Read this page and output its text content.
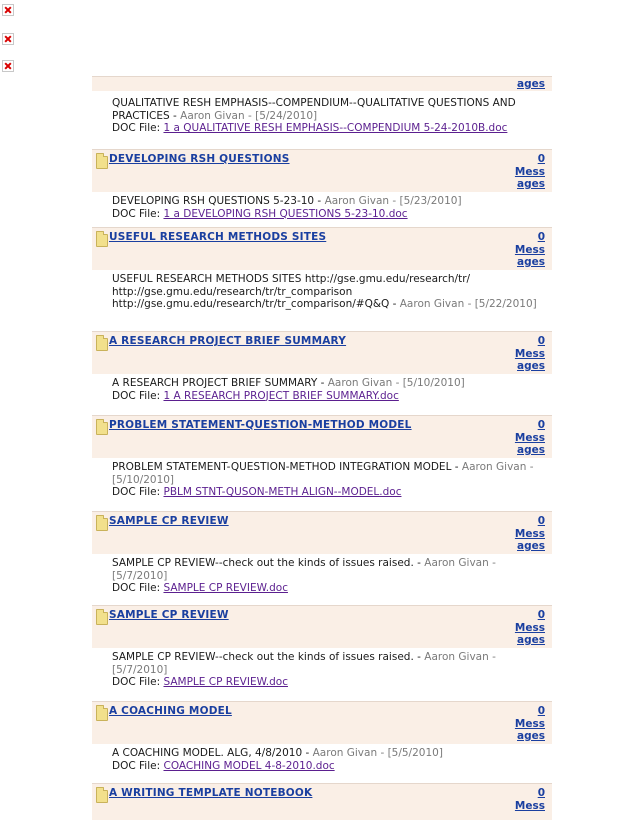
ages
QUALITATIVE RESH EMPHASIS--COMPENDIUM--QUALITATIVE QUESTIONS AND PRACTICES - Aaron Givan - [5/24/2010]
DOC File: 1 a QUALITATIVE RESH EMPHASIS--COMPENDIUM 5-24-2010B.doc
DEVELOPING RSH QUESTIONS	0
Mess
ages
DEVELOPING RSH QUESTIONS 5-23-10 - Aaron Givan - [5/23/2010]
DOC File: 1 a DEVELOPING RSH QUESTIONS 5-23-10.doc
USEFUL RESEARCH METHODS SITES	0
Mess
ages
USEFUL RESEARCH METHODS SITES http://gse.gmu.edu/research/tr/ http://gse.gmu.edu/research/tr/tr_comparison http://gse.gmu.edu/research/tr/tr_comparison/#Q&Q - Aaron Givan - [5/22/2010]
A RESEARCH PROJECT BRIEF SUMMARY	0
Mess
ages
A RESEARCH PROJECT BRIEF SUMMARY - Aaron Givan - [5/10/2010]
DOC File: 1 A RESEARCH PROJECT BRIEF SUMMARY.doc
PROBLEM STATEMENT-QUESTION-METHOD MODEL	0
Mess
ages
PROBLEM STATEMENT-QUESTION-METHOD INTEGRATION MODEL - Aaron Givan - [5/10/2010]
DOC File: PBLM STNT-QUSON-METH ALIGN--MODEL.doc
SAMPLE CP REVIEW	0
Mess
ages
SAMPLE CP REVIEW--check out the kinds of issues raised. - Aaron Givan - [5/7/2010]
DOC File: SAMPLE CP REVIEW.doc
SAMPLE CP REVIEW	0
Mess
ages
SAMPLE CP REVIEW--check out the kinds of issues raised. - Aaron Givan - [5/7/2010]
DOC File: SAMPLE CP REVIEW.doc
A COACHING MODEL	0
Mess
ages
A COACHING MODEL. ALG, 4/8/2010 - Aaron Givan - [5/5/2010]
DOC File: COACHING MODEL 4-8-2010.doc
A WRITING TEMPLATE NOTEBOOK	0
Mess
